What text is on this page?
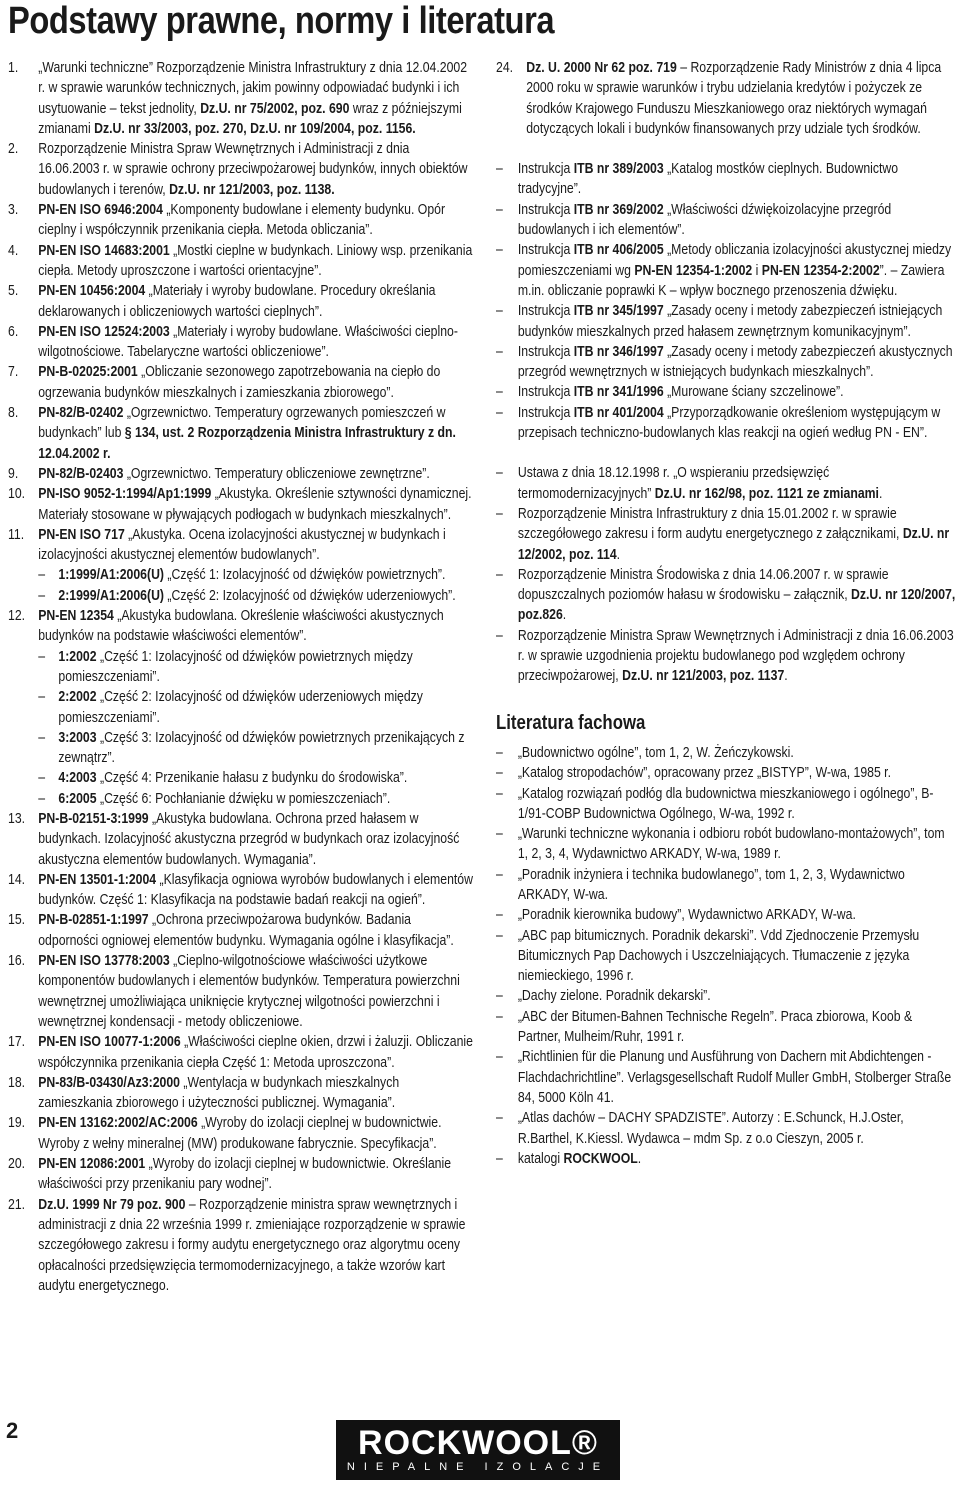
Podstawy prawne, normy i literatura
1.	„Warunki techniczne” Rozporządzenie Ministra Infrastruktury z dnia 12.04.2002 r. w sprawie warunków technicznych, jakim powinny odpowiadać budynki i ich usytuowanie – tekst jednolity, Dz.U. nr 75/2002, poz. 690 wraz z późniejszymi zmianami Dz.U. nr 33/2003, poz. 270, Dz.U. nr 109/2004, poz. 1156.
2.	Rozporządzenie Ministra Spraw Wewnętrznych i Administracji z dnia 16.06.2003 r. w sprawie ochrony przeciwpożarowej budynków, innych obiektów budowlanych i terenów, Dz.U. nr 121/2003, poz. 1138.
3.	PN-EN ISO 6946:2004 „Komponenty budowlane i elementy budynku. Opór cieplny i współczynnik przenikania ciepła. Metoda obliczania”.
4.	PN-EN ISO 14683:2001 „Mostki cieplne w budynkach. Liniowy wsp. przenikania ciepła. Metody uproszczone i wartości orientacyjne”.
5.	PN-EN 10456:2004 „Materiały i wyroby budowlane. Procedury określania deklarowanych i obliczeniowych wartości cieplnych”.
6.	PN-EN ISO 12524:2003 „Materiały i wyroby budowlane. Właściwości cieplno-wilgotnościowe. Tabelaryczne wartości obliczeniowe”.
7.	PN-B-02025:2001 „Obliczanie sezonowego zapotrzebowania na ciepło do ogrzewania budynków mieszkalnych i zamieszkania zbiorowego”.
8.	PN-82/B-02402 „Ogrzewnictwo. Temperatury ogrzewanych pomieszczeń w budynkach” lub § 134, ust. 2 Rozporządzenia Ministra Infrastruktury z dn. 12.04.2002 r.
9.	PN-82/B-02403 „Ogrzewnictwo. Temperatury obliczeniowe zewnętrzne”.
10. PN-ISO 9052-1:1994/Ap1:1999 „Akustyka. Określenie sztywności dynamicznej. Materiały stosowane w pływających podłogach w budynkach mieszkalnych”.
11. PN-EN ISO 717 „Akustyka. Ocena izolacyjności akustycznej w budynkach i izolacyjności akustycznej elementów budowlanych”.
– 1:1999/A1:2006(U) „Część 1: Izolacyjność od dźwięków powietrznych”.
– 2:1999/A1:2006(U) „Część 2: Izolacyjność od dźwięków uderzeniowych”.
12. PN-EN 12354 „Akustyka budowlana. Określenie właściwości akustycznych budynków na podstawie właściwości elementów”.
– 1:2002 „Część 1: Izolacyjność od dźwięków powietrznych między pomieszczeniami”.
– 2:2002 „Część 2: Izolacyjność od dźwięków uderzeniowych między pomieszczeniami”.
– 3:2003 „Część 3: Izolacyjność od dźwięków powietrznych przenikających z zewnątrz”.
– 4:2003 „Część 4: Przenikanie hałasu z budynku do środowiska”.
– 6:2005 „Część 6: Pochłanianie dźwięku w pomieszczeniach”.
13. PN-B-02151-3:1999 „Akustyka budowlana. Ochrona przed hałasem w budynkach. Izolacyjność akustyczna przegród w budynkach oraz izolacyjność akustyczna elementów budowlanych. Wymagania”.
14. PN-EN 13501-1:2004 „Klasyfikacja ogniowa wyrobów budowlanych i elementów budynków. Część 1: Klasyfikacja na podstawie badań reakcji na ogień”.
15. PN-B-02851-1:1997 „Ochrona przeciwpożarowa budynków. Badania odporności ogniowej elementów budynku. Wymagania ogólne i klasyfikacja”.
16. PN-EN ISO 13778:2003 „Cieplno-wilgotnościowe właściwości użytkowe komponentów budowlanych i elementów budynków. Temperatura powierzchni wewnętrznej umożliwiająca uniknięcie krytycznej wilgotności powierzchni i wewnętrznej kondensacji - metody obliczeniowe.
17. PN-EN ISO 10077-1:2006 „Właściwości cieplne okien, drzwi i żaluzji. Obliczanie współczynnika przenikania ciepła Część 1: Metoda uproszczona”.
18. PN-83/B-03430/Az3:2000 „Wentylacja w budynkach mieszkalnych zamieszkania zbiorowego i użyteczności publicznej. Wymagania”.
19. PN-EN 13162:2002/AC:2006 „Wyroby do izolacji cieplnej w budownictwie. Wyroby z wełny mineralnej (MW) produkowane fabrycznie. Specyfikacja”.
20. PN-EN 12086:2001 „Wyroby do izolacji cieplnej w budownictwie. Określanie właściwości przy przenikaniu pary wodnej”.
21. Dz.U. 1999 Nr 79 poz. 900 – Rozporządzenie ministra spraw wewnętrznych i administracji z dnia 22 września 1999 r. zmieniające rozporządzenie w sprawie szczegółowego zakresu i formy audytu energetycznego oraz algorytmu oceny opłacalności przedsięwzięcia termomodernizacyjnego, a także wzorów kart audytu energetycznego.
24. Dz. U. 2000 Nr 62 poz. 719 – Rozporządzenie Rady Ministrów z dnia 4 lipca 2000 roku w sprawie warunków i trybu udzielania kredytów i pożyczek ze środków Krajowego Funduszu Mieszkaniowego oraz niektórych wymagań dotyczących lokali i budynków finansowanych przy udziale tych środków.
–	Instrukcja ITB nr 389/2003 „Katalog mostków cieplnych. Budownictwo tradycyjne”.
–	Instrukcja ITB nr 369/2002 „Właściwości dźwiękoizolacyjne przegród budowlanych i ich elementów”.
–	Instrukcja ITB nr 406/2005 „Metody obliczania izolacyjności akustycznej miedzy pomieszczeniami wg PN-EN 12354-1:2002 i PN-EN 12354-2:2002”. – Zawiera m.in. obliczanie poprawki K – wpływ bocznego przenoszenia dźwięku.
–	Instrukcja ITB nr 345/1997 „Zasady oceny i metody zabezpieczeń istniejących budynków mieszkalnych przed hałasem zewnętrznym komunikacyjnym”.
–	Instrukcja ITB nr 346/1997 „Zasady oceny i metody zabezpieczeń akustycznych przegród wewnętrznych w istniejących budynkach mieszkalnych”.
–	Instrukcja ITB nr 341/1996 „Murowane ściany szczelinowe”.
–	Instrukcja ITB nr 401/2004 „Przyporządkowanie określeniom występującym w przepisach techniczno-budowlanych klas reakcji na ogień według PN - EN”.
–	Ustawa z dnia 18.12.1998 r. „O wspieraniu przedsięwzięć termomodernizacyjnych” Dz.U. nr 162/98, poz. 1121 ze zmianami.
–	Rozporządzenie Ministra Infrastruktury z dnia 15.01.2002 r. w sprawie szczegółowego zakresu i form audytu energetycznego z załącznikami, Dz.U. nr 12/2002, poz. 114.
–	Rozporządzenie Ministra Środowiska z dnia 14.06.2007 r. w sprawie dopuszczalnych poziomów hałasu w środowisku – załącznik, Dz.U. nr 120/2007, poz.826.
–	Rozporządzenie Ministra Spraw Wewnętrznych i Administracji z dnia 16.06.2003 r. w sprawie uzgodnienia projektu budowlanego pod względem ochrony przeciwpożarowej, Dz.U. nr 121/2003, poz. 1137.
Literatura fachowa
–	„Budownictwo ogólne”, tom 1, 2, W. Żeńczykowski.
–	„Katalog stropodachów”, opracowany przez „BISTYP”, W-wa, 1985 r.
–	„Katalog rozwiązań podłóg dla budownictwa mieszkaniowego i ogólnego”, B-1/91-COBP Budownictwa Ogólnego, W-wa, 1992 r.
–	„Warunki techniczne wykonania i odbioru robót budowlano-montażowych”, tom 1, 2, 3, 4, Wydawnictwo ARKADY, W-wa, 1989 r.
–	„Poradnik inżyniera i technika budowlanego”, tom 1, 2, 3, Wydawnictwo ARKADY, W-wa.
–	„Poradnik kierownika budowy”, Wydawnictwo ARKADY, W-wa.
–	„ABC pap bitumicznych. Poradnik dekarski”. Vdd Zjednoczenie Przemysłu Bitumicznych Pap Dachowych i Uszczelniających. Tłumaczenie z języka niemieckiego, 1996 r.
–	„Dachy zielone. Poradnik dekarski”.
–	„ABC der Bitumen-Bahnen Technische Regeln”. Praca zbiorowa, Koob & Partner, Mulheim/Ruhr, 1991 r.
–	„Richtlinien für die Planung und Ausführung von Dachern mit Abdichtengen - Flachdachrichtline”. Verlagsgesellschaft Rudolf Muller GmbH, Stolberger Straße 84, 5000 Köln 41.
–	„Atlas dachów – DACHY SPADZISTE”. Autorzy : E.Schunck, H.J.Oster, R.Barthel, K.Kiessl. Wydawca – mdm Sp. z o.o Cieszyn, 2005 r.
–	katalogi ROCKWOOL.
2	ROCKWOOL®
NIEPALNE IZOLACJE
